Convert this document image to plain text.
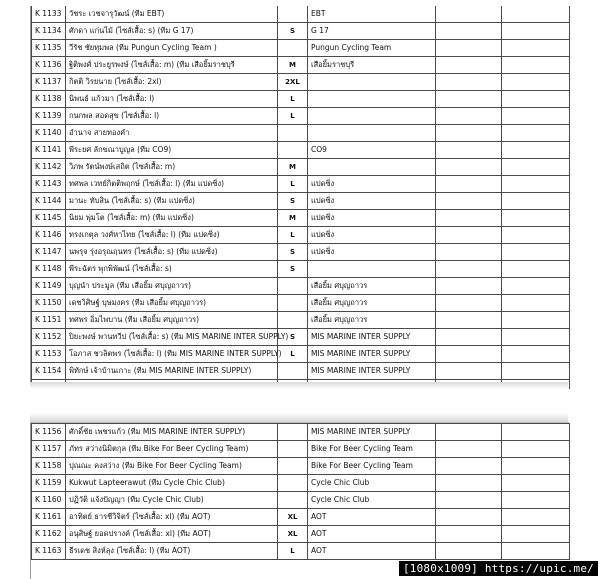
K 1133	วัชระ เวชจารุวัฒน์ (ทีม EBT)		EBT		
K 1134	ศักดา แก่นไม้ (ไซส์เสื้อ: s) (ทีม G 17)	S	G 17		
K 1135	วีรัช ชัยทุมพล (ทีม Pungun Cycling Team )		Pungun Cycling Team		
K 1136	ฐิติพงศ์ ประยูรพงษ์ (ไซส์เสื้อ: m) (ทีม เสือยิ้มราชบุรี	M	เสือยิ้มราชบุรี		
K 1137	กิตติ วิรยนาย (ไซส์เสื้อ: 2xl)	2XL			
K 1138	นิพนธ์ แก้วมา (ไซส์เสื้อ: l)	L			
K 1139	กนกพล สอดสุข (ไซส์เสื้อ: l)	L			
K 1140	อำนาจ สายทองคำ				
K 1141	พีระยศ ลักขณาบูญล (ทีม CO9)		CO9		
K 1142	วิภพ รัตน์พงษ์เสถิต (ไซส์เสื้อ: m)	M			
K 1143	ทศพล เวทย์กิตติพฤกษ์ (ไซส์เสื้อ: l) (ทีม แปดซิ่ง)	L	แปดซิ่ง		
K 1144	มานะ ทับสิน (ไซส์เสื้อ: s) (ทีม แปดซิ่ง)	S	แปดซิ่ง		
K 1145	นิยม พุ่มโต (ไซส์เสื้อ: m) (ทีม แปดซิ่ง)	M	แปดซิ่ง		
K 1146	ทรงเกตุล วงศ์หาไทย (ไซส์เสื้อ: l) (ทีม แปดซิ่ง)	L	แปดซิ่ง		
K 1147	นพรุจ รุ่งอรุณฤนทร (ไซส์เสื้อ: s) (ทีม แปดซิ่ง)	S	แปดซิ่ง		
K 1148	พีระฉัตร พุกพิพัฒน์ (ไซส์เสื้อ: s)	S			
K 1149	บุญนำ ประมูล (ทีม เสือยิ้ม ศบุญถาวร)		เสือยิ้ม ศบุญถาวร		
K 1150	เดชวิศิษฐ์ บุษมงคร (ทีม เสือยิ้ม ศบุญถาวร)		เสือยิ้ม ศบุญถาวร		
K 1151	ทศพร อิ่มไพบาน (ทีม เสือยิ้ม ศบุญถาวร)		เสือยิ้ม ศบุญถาวร		
K 1152	ปิยะพงษ์ พานทวีป (ไซส์เสื้อ: s) (ทีม MIS MARINE INTER SUPPLY)	S	MIS MARINE INTER SUPPLY		
K 1153	โอภาส ชวลิตพร (ไซส์เสื้อ: l) (ทีม MIS MARINE INTER SUPPLY)	L	MIS MARINE INTER SUPPLY		
K 1154	พิทักษ์ เจ้าบ้านเกาะ (ทีม MIS MARINE INTER SUPPLY)		MIS MARINE INTER SUPPLY		

K 1156	ศักดิ์ชัย เพชรแก้ว (ทีม MIS MARINE INTER SUPPLY)		MIS MARINE INTER SUPPLY		
K 1157	ภัทร สว่างนิมิตกุล (ทีม Bike For Beer Cycling Team)		Bike For Beer Cycling Team		
K 1158	ปุณณะ คงสว่าง (ทีม Bike For Beer Cycling Team)		Bike For Beer Cycling Team		
K 1159	Kukwut Lapteerawut (ทีม Cycle Chic Club)		Cycle Chic Club		
K 1160	ปฏิวัติ แจ้งปัญญา (ทีม Cycle Chic Club)		Cycle Chic Club		
K 1161	อาทิตย์ ธารชีวิจิตร์ (ไซส์เสื้อ: xl) (ทีม AOT)	XL	AOT		
K 1162	อนุสิษฐ์ ยอดปรางค์ (ไซส์เสื้อ: xl) (ทีม AOT)	XL	AOT		
K 1163	ธีรเดช สิงห์ลุง (ไซส์เสื้อ: l) (ทีม AOT)	L	AOT		
[1080x1009] https://upic.me/
